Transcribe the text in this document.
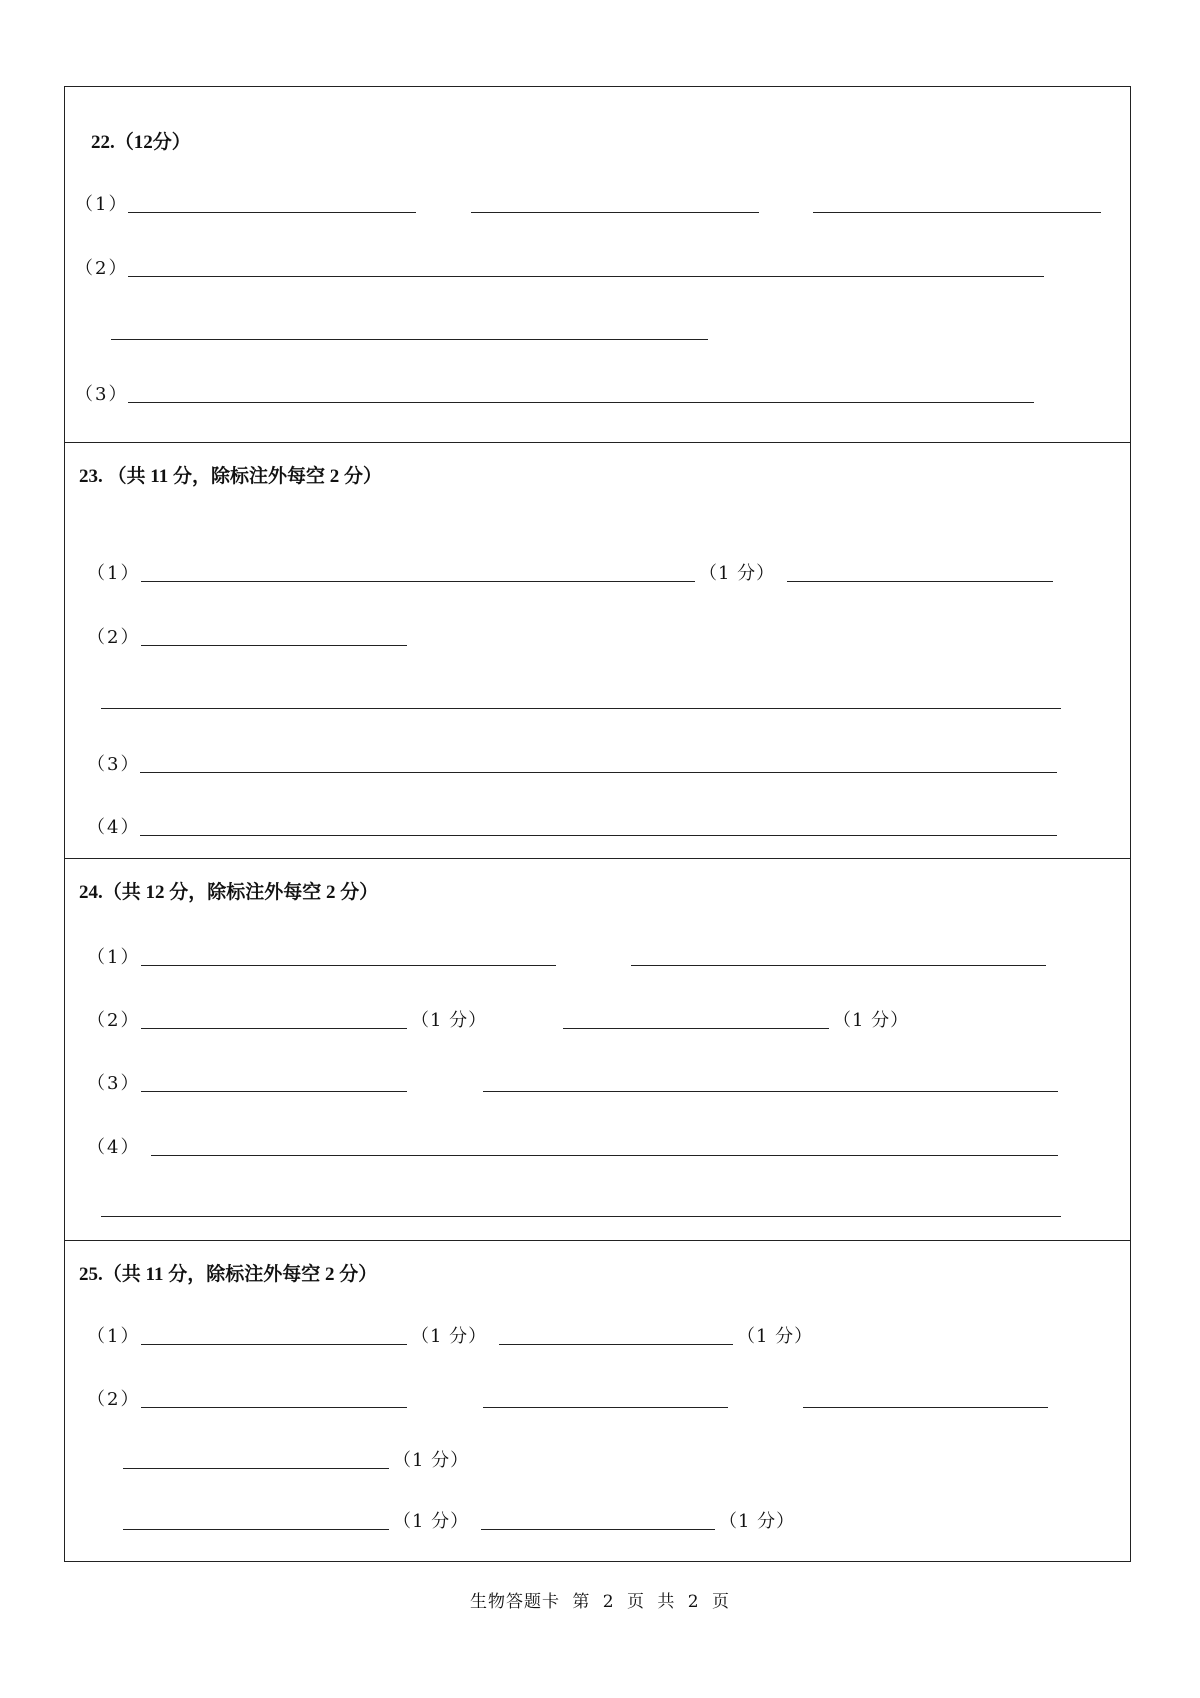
22.（12分）
（1）
（2）
（3）
23. （共 11 分，除标注外每空 2 分）
（1）	（1 分）
（2）
（3）
（4）
24.（共 12 分，除标注外每空 2 分）
（1）
（2）	（1 分）	（1 分）
（3）
（4）
25.（共 11 分，除标注外每空 2 分）
（1）	（1 分）	（1 分）
（2）
（1 分）
（1 分）	（1 分）
生物答题卡 第 2 页 共 2 页
